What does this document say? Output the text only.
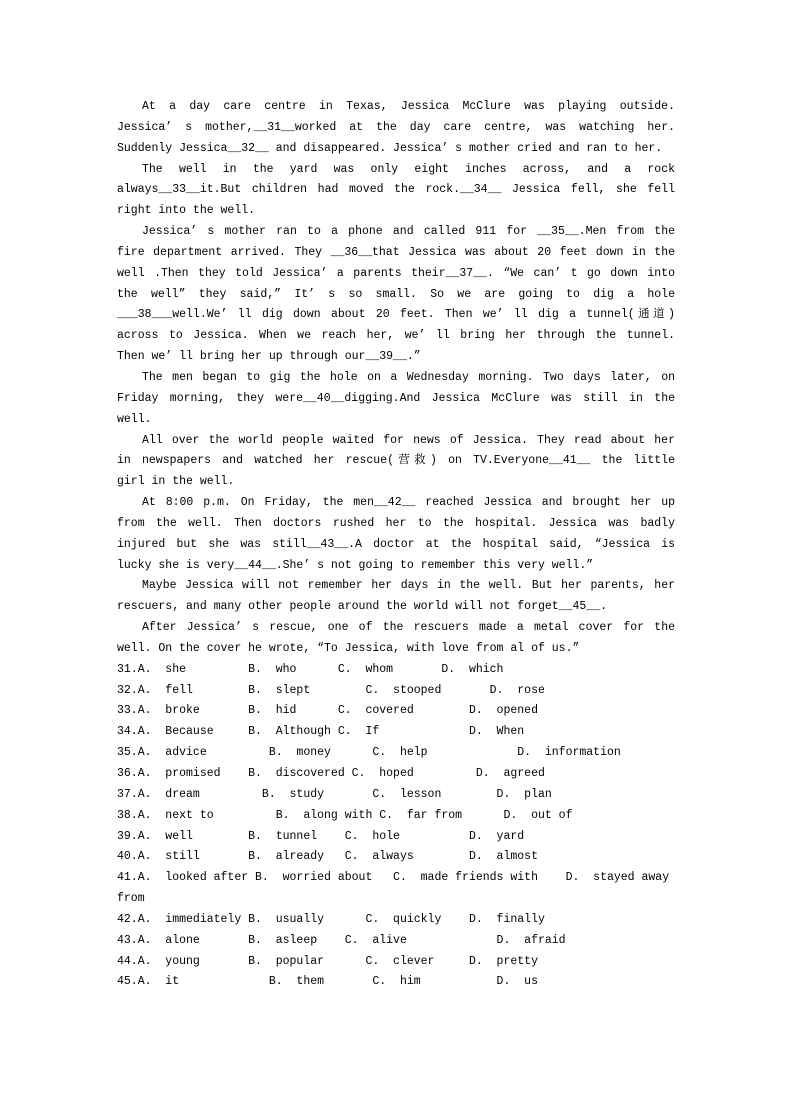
At a day care centre in Texas, Jessica McClure was playing outside.
Jessica’ s mother,__31__worked at the day care centre, was watching her.
Suddenly Jessica__32__ and disappeared. Jessica’ s mother cried and ran to her.
The well in the yard was only eight inches across, and a rock
always__33__it.But children had moved the rock.__34__ Jessica fell, she fell
right into the well.
Jessica’ s mother ran to a phone and called 911 for __35__.Men from the
fire department arrived. They __36__that Jessica was about 20 feet down in the
well .Then they told Jessica’ a parents their__37__. “We can’ t go down into
the well” they said,” It’ s so small. So we are going to dig a hole
___38___well.We’ ll dig down about 20 feet. Then we’ ll dig a tunnel(通道)
across to Jessica. When we reach her, we’ ll bring her through the tunnel.
Then we’ ll bring her up through our__39__.”
The men began to gig the hole on a Wednesday morning. Two days later, on
Friday morning, they were__40__digging.And Jessica McClure was still in the
well.
All over the world people waited for news of Jessica. They read about her
in newspapers and watched her rescue(营救) on TV.Everyone__41__ the little
girl in the well.
At 8:00 p.m. On Friday, the men__42__ reached Jessica and brought her up
from the well. Then doctors rushed her to the hospital. Jessica was badly
injured but she was still__43__.A doctor at the hospital said, “Jessica is
lucky she is very__44__.She’ s not going to remember this very well.”
Maybe Jessica will not remember her days in the well. But her parents, her
rescuers, and many other people around the world will not forget__45__.
After Jessica’ s rescue, one of the rescuers made a metal cover for the
well. On the cover he wrote, “To Jessica, with love from al of us.”
31.A.  she         B.  who      C.  whom       D.  which
32.A.  fell        B.  slept        C.  stooped       D.  rose
33.A.  broke       B.  hid      C.  covered        D.  opened
34.A.  Because     B.  Although C.  If             D.  When
35.A.  advice         B.  money      C.  help             D.  information
36.A.  promised    B.  discovered C.  hoped         D.  agreed
37.A.  dream         B.  study       C.  lesson        D.  plan
38.A.  next to         B.  along with C.  far from      D.  out of
39.A.  well        B.  tunnel    C.  hole          D.  yard
40.A.  still       B.  already   C.  always        D.  almost
41.A.  looked after B.  worried about   C.  made friends with    D.  stayed away
from
42.A.  immediately B.  usually      C.  quickly    D.  finally
43.A.  alone       B.  asleep    C.  alive             D.  afraid
44.A.  young       B.  popular      C.  clever     D.  pretty
45.A.  it             B.  them       C.  him           D.  us
